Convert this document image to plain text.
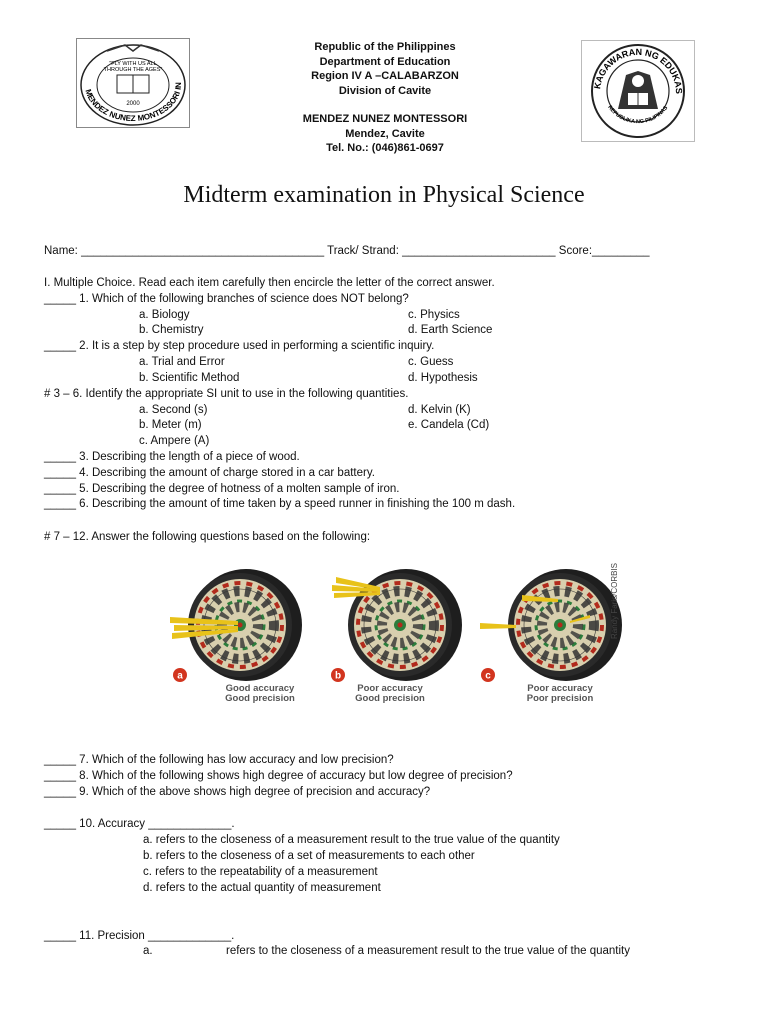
"FLY WITH US ALL
THROUGH THE AGES"
2000
MENDEZ NUNEZ MONTESSORI IN	KAGAWARAN NG EDUKAS
REPUBLIKA NG PILIPINAS
Republic of the Philippines
Department of Education
Region IV A –CALABARZON
Division of Cavite
MENDEZ NUNEZ MONTESSORI
Mendez, Cavite
Tel. No.: (046)861-0697
Midterm examination in Physical Science
Name: ______________________________________ Track/ Strand: ________________________ Score:_________
I. Multiple Choice. Read each item carefully then encircle the letter of the correct answer.
_____ 1. Which of the following branches of science does NOT belong?
a. Biology
b. Chemistry
c. Physics
d. Earth Science
_____ 2. It is a step by step procedure used in performing a scientific inquiry.
a. Trial and Error
b. Scientific Method
c. Guess
d. Hypothesis
# 3 – 6. Identify the appropriate SI unit to use in the following quantities.
a. Second (s)
b. Meter (m)
c. Ampere (A)
d. Kelvin (K)
e. Candela (Cd)
_____ 3. Describing the length of a piece of wood.
_____ 4. Describing the amount of charge stored in a car battery.
_____ 5. Describing the degree of hotness of a molten sample of iron.
_____ 6. Describing the amount of time taken by a speed runner in finishing the 100 m dash.
# 7 – 12. Answer the following questions based on the following:
a	b	c
Good accuracy
Good precision
Poor accuracy
Good precision
Poor accuracy
Poor precision
Randy Faris/CORBIS
_____ 7. Which of the following has low accuracy and low precision?
_____ 8. Which of the following shows high degree of accuracy but low degree of precision?
_____ 9. Which of the above shows high degree of precision and accuracy?
_____ 10. Accuracy _____________.
a. refers to the closeness of a measurement result to the true value of the quantity
b. refers to the closeness of a set of measurements to each other
c. refers to the repeatability of a measurement
d. refers to the actual quantity of measurement
_____ 11. Precision _____________.
a.	refers to the closeness of a measurement result to the true value of the quantity
